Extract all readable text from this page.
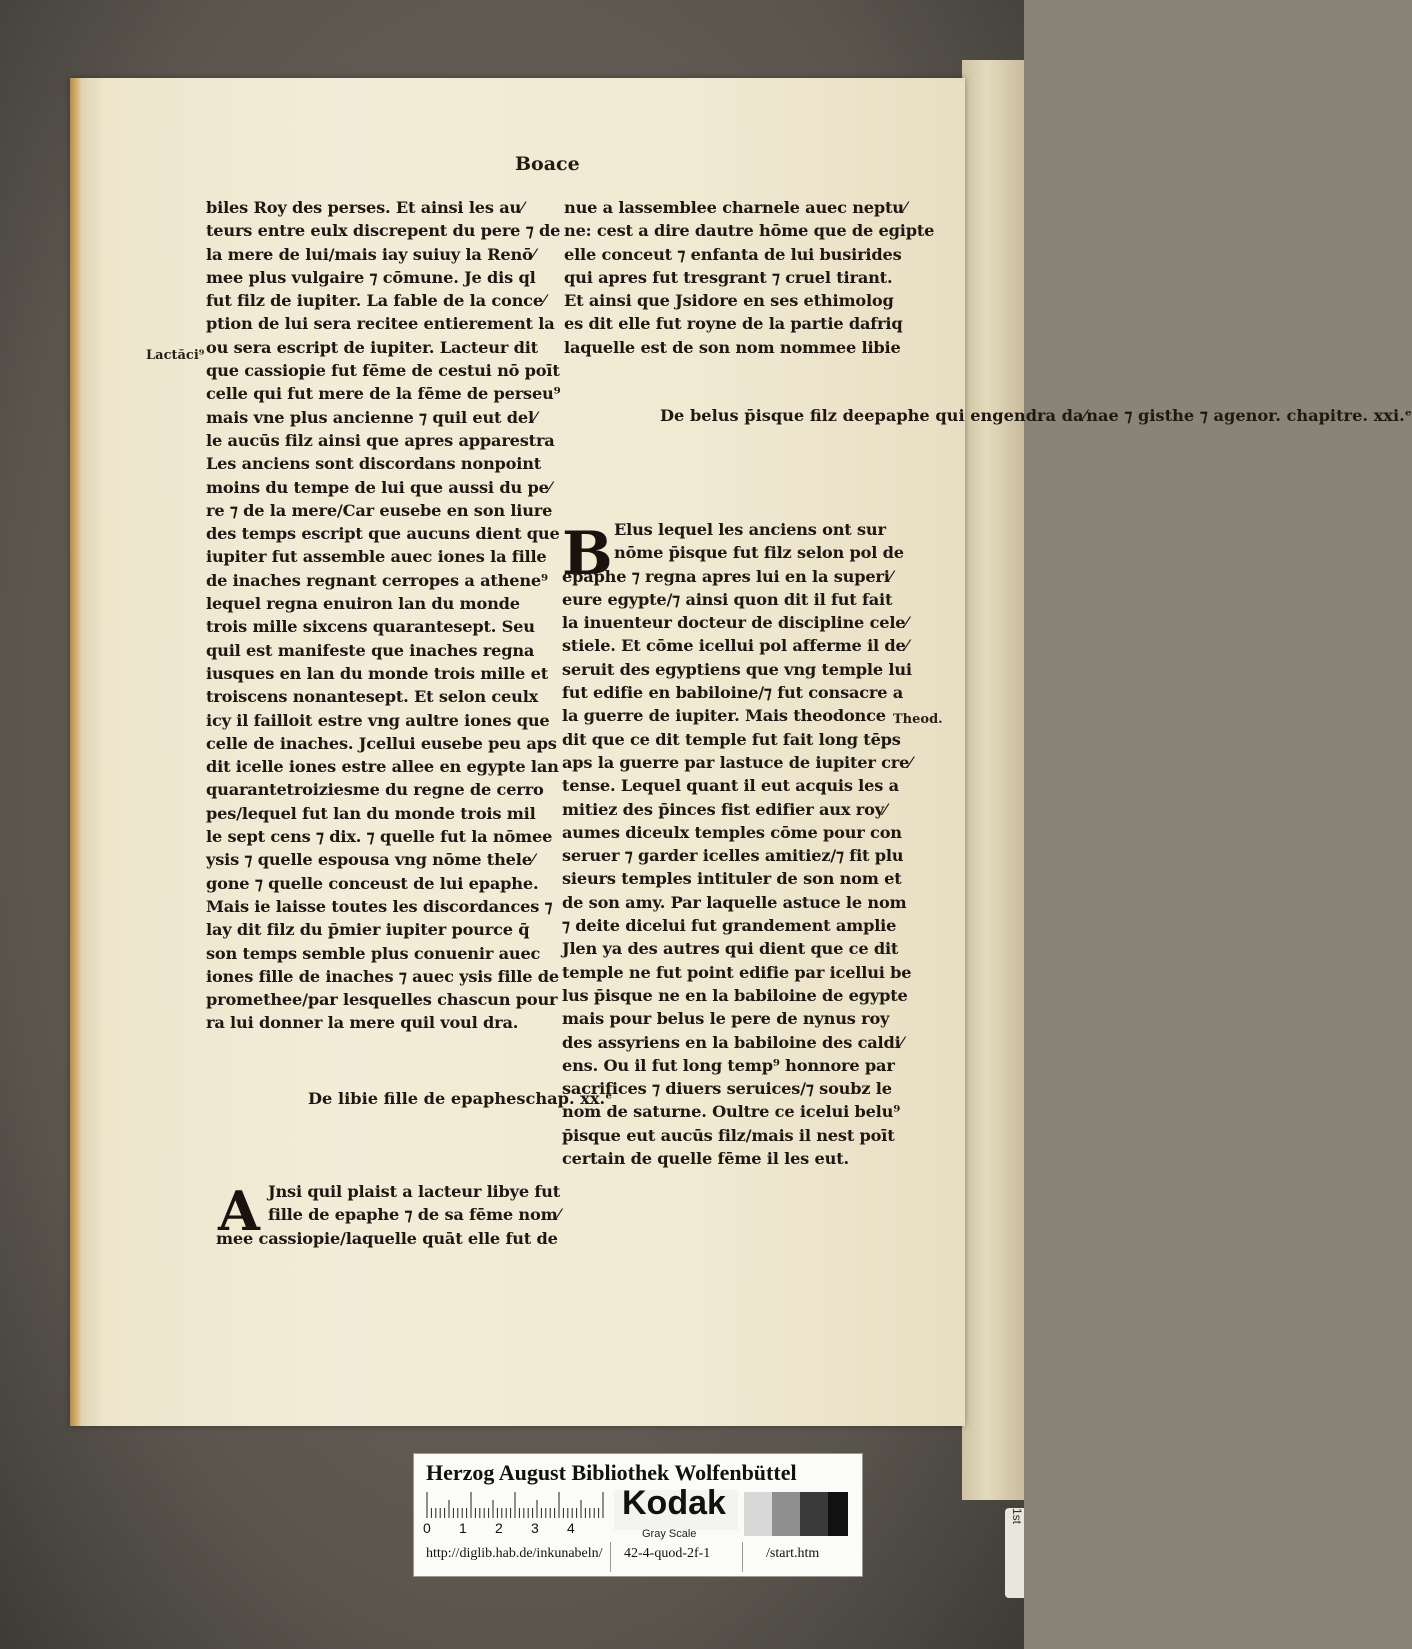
Boace
Lactăci⁹
Theod.
biles Roy des perses. Et ainsi les au⁄
teurs entre eulx discrepent du pere ⁊ de
la mere de lui/mais iay suiuy la Renō⁄
mee plus vulgaire ⁊ cōmune. Je dis ql
fut filz de iupiter. La fable de la conce⁄
ption de lui sera recitee entierement la
ou sera escript de iupiter. Lacteur dit
que cassiopie fut fēme de cestui nō poīt
celle qui fut mere de la fēme de perseu⁹
mais vne plus ancienne ⁊ quil eut del⁄
le aucūs filz ainsi que apres apparestra
Les anciens sont discordans nonpoint
moins du tempe de lui que aussi du pe⁄
re ⁊ de la mere/Car eusebe en son liure
des temps escript que aucuns dient que
iupiter fut assemble auec iones la fille
de inaches regnant cerropes a athene⁹
lequel regna enuiron lan du monde
trois mille sixcens quarantesept. Seu
quil est manifeste que inaches regna
iusques en lan du monde trois mille et
troiscens nonantesept. Et selon ceulx
icy il failloit estre vng aultre iones que
celle de inaches. Jcellui eusebe peu aps
dit icelle iones estre allee en egypte lan
quarantetroiziesme du regne de cerro
pes/lequel fut lan du monde trois mil
le sept cens ⁊ dix. ⁊ quelle fut la nōmee
ysis ⁊ quelle espousa vng nōme thele⁄
gone ⁊ quelle conceust de lui epaphe.
Mais ie laisse toutes les discordances ⁊
lay dit filz du p̄mier iupiter pource q̄
son temps semble plus conuenir auec
iones fille de inaches ⁊ auec ysis fille de
promethee/par lesquelles chascun pour
ra lui donner la mere quil voul dra.
nue a lassemblee charnele auec neptu⁄
ne: cest a dire dautre hōme que de egipte
elle conceut ⁊ enfanta de lui busirides
qui apres fut tresgrant ⁊ cruel tirant.
Et ainsi que Jsidore en ses ethimolog
es dit elle fut royne de la partie dafriq
laquelle est de son nom nommee libie
De belus p̄isque filz deepaphe qui engendra da⁄nae ⁊ gisthe ⁊ agenor. chapitre. xxi.ᵉ
B Elus lequel les anciens ont sur
nōme p̄isque fut filz selon pol de
epaphe ⁊ regna apres lui en la superi⁄
eure egypte/⁊ ainsi quon dit il fut fait
la inuenteur docteur de discipline cele⁄
stiele. Et cōme icellui pol afferme il de⁄
seruit des egyptiens que vng temple lui
fut edifie en babiloine/⁊ fut consacre a
la guerre de iupiter. Mais theodonce
dit que ce dit temple fut fait long tēps
aps la guerre par lastuce de iupiter cre⁄
tense. Lequel quant il eut acquis les a
mitiez des p̄inces fist edifier aux roy⁄
aumes diceulx temples cōme pour con
seruer ⁊ garder icelles amitiez/⁊ fit plu
sieurs temples intituler de son nom et
de son amy. Par laquelle astuce le nom
⁊ deite dicelui fut grandement amplie
Jlen ya des autres qui dient que ce dit
temple ne fut point edifie par icellui be
lus p̄isque ne en la babiloine de egypte
mais pour belus le pere de nynus roy
des assyriens en la babiloine des caldi⁄
ens. Ou il fut long temp⁹ honnore par
sacrifices ⁊ diuers seruices/⁊ soubz le
nom de saturne. Oultre ce icelui belu⁹
p̄isque eut aucūs filz/mais il nest poīt
certain de quelle fēme il les eut.
De libie fille de epapheschap. xx.ᵉ
A Jnsi quil plaist a lacteur libye fut
fille de epaphe ⁊ de sa fēme nom⁄
mee cassiopie/laquelle quāt elle fut de
Herzog August Bibliothek Wolfenbüttel
0 1 2 3 4
Kodak
Gray Scale
http://diglib.hab.de/inkunabeln/ 42-4-quod-2f-1	/start.htm
1st
